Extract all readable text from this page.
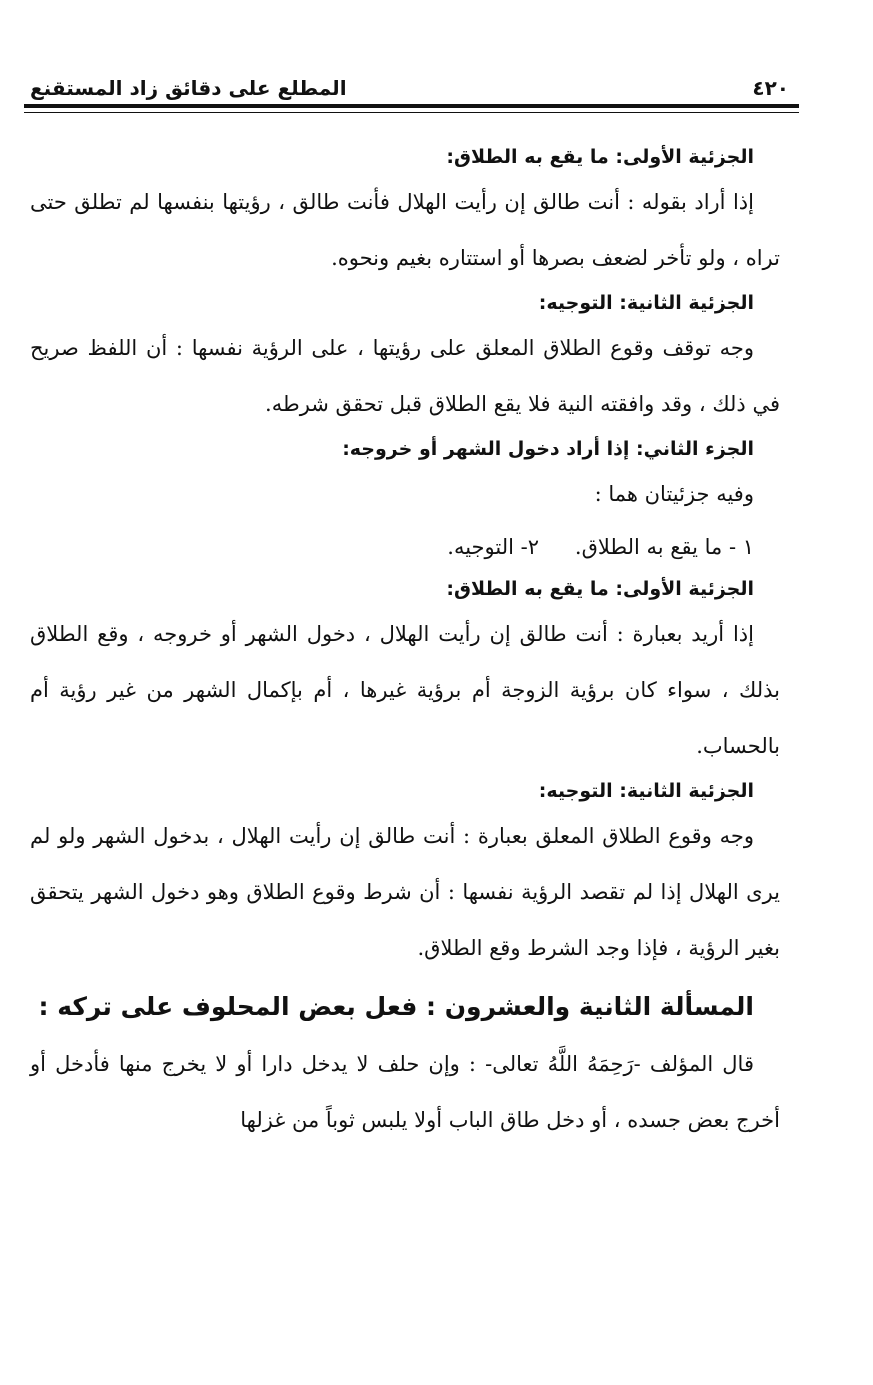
٤٢٠
المطلع على دقائق زاد المستقنع

الجزئية الأولى: ما يقع به الطلاق:

إذا أراد بقوله : أنت طالق إن رأيت الهلال فأنت طالق ، رؤيتها بنفسها لم تطلق حتى تراه ، ولو تأخر لضعف بصرها أو استتاره بغيم ونحوه.

الجزئية الثانية: التوجيه:

وجه توقف وقوع الطلاق المعلق على رؤيتها ، على الرؤية نفسها : أن اللفظ صريح في ذلك ، وقد وافقته النية فلا يقع الطلاق قبل تحقق شرطه.

الجزء الثاني: إذا أراد دخول الشهر أو خروجه:

وفيه جزئيتان هما :

١ - ما يقع به الطلاق.
٢- التوجيه.

الجزئية الأولى: ما يقع به الطلاق:

إذا أريد بعبارة : أنت طالق إن رأيت الهلال ، دخول الشهر أو خروجه ، وقع الطلاق بذلك ، سواء كان برؤية الزوجة أم برؤية غيرها ، أم بإكمال الشهر من غير رؤية أم بالحساب.

الجزئية الثانية: التوجيه:

وجه وقوع الطلاق المعلق بعبارة : أنت طالق إن رأيت الهلال ، بدخول الشهر ولو لم يرى الهلال إذا لم تقصد الرؤية نفسها : أن شرط وقوع الطلاق وهو دخول الشهر يتحقق بغير الرؤية ، فإذا وجد الشرط وقع الطلاق.

المسألة الثانية والعشرون : فعل بعض المحلوف على تركه :

قال المؤلف -رَحِمَهُ اللَّهُ تعالى- : وإن حلف لا يدخل دارا أو لا يخرج منها فأدخل أو أخرج بعض جسده ، أو دخل طاق الباب أولا يلبس ثوباً من غزلها
